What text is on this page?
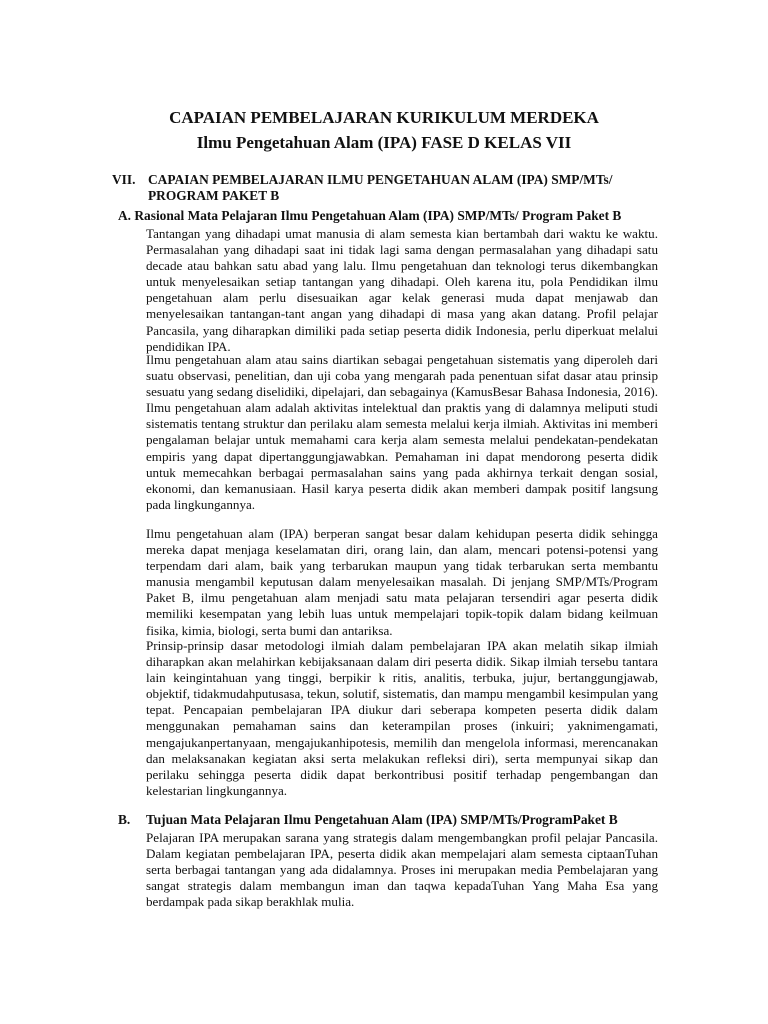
CAPAIAN PEMBELAJARAN KURIKULUM MERDEKA
Ilmu Pengetahuan Alam (IPA) FASE D KELAS VII
VII. CAPAIAN PEMBELAJARAN ILMU PENGETAHUAN ALAM (IPA) SMP/MTs/
PROGRAM PAKET B
A. Rasional Mata Pelajaran Ilmu Pengetahuan Alam (IPA) SMP/MTs/ Program Paket B

Tantangan yang dihadapi umat manusia di alam semesta kian bertambah dari waktu ke waktu. Permasalahan yang dihadapi saat ini tidak lagi sama dengan permasalahan yang dihadapi satu decade atau bahkan satu abad yang lalu. Ilmu pengetahuan dan teknologi terus dikembangkan untuk menyelesaikan setiap tantangan yang dihadapi. Oleh karena itu, pola Pendidikan ilmu pengetahuan alam perlu disesuaikan agar kelak generasi muda dapat menjawab dan menyelesaikan tantangan-tant angan yang dihadapi di masa yang akan datang. Profil pelajar Pancasila, yang diharapkan dimiliki pada setiap peserta didik Indonesia, perlu diperkuat melalui pendidikan IPA.

Ilmu pengetahuan alam atau sains diartikan sebagai pengetahuan sistematis yang diperoleh dari suatu observasi, penelitian, dan uji coba yang mengarah pada penentuan sifat dasar atau prinsip sesuatu yang sedang diselidiki, dipelajari, dan sebagainya (KamusBesar Bahasa Indonesia, 2016). Ilmu pengetahuan alam adalah aktivitas intelektual dan praktis yang di dalamnya meliputi studi sistematis tentang struktur dan perilaku alam semesta melalui kerja ilmiah. Aktivitas ini memberi pengalaman belajar untuk memahami cara kerja alam semesta melalui pendekatan-pendekatan empiris yang dapat dipertanggungjawabkan. Pemahaman ini dapat mendorong peserta didik untuk memecahkan berbagai permasalahan sains yang pada akhirnya terkait dengan sosial, ekonomi, dan kemanusiaan. Hasil karya peserta didik akan memberi dampak positif langsung pada lingkungannya.

Ilmu pengetahuan alam (IPA) berperan sangat besar dalam kehidupan peserta didik sehingga mereka dapat menjaga keselamatan diri, orang lain, dan alam, mencari potensi-potensi yang terpendam dari alam, baik yang terbarukan maupun yang tidak terbarukan serta membantu manusia mengambil keputusan dalam menyelesaikan masalah. Di jenjang SMP/MTs/Program Paket B, ilmu pengetahuan alam menjadi satu mata pelajaran tersendiri agar peserta didik memiliki kesempatan yang lebih luas untuk mempelajari topik-topik dalam bidang keilmuan fisika, kimia, biologi, serta bumi dan antariksa.

Prinsip-prinsip dasar metodologi ilmiah dalam pembelajaran IPA akan melatih sikap ilmiah diharapkan akan melahirkan kebijaksanaan dalam diri peserta didik. Sikap ilmiah tersebu tantara lain keingintahuan yang tinggi, berpikir k ritis, analitis, terbuka, jujur, bertanggungjawab, objektif, tidakmudahputusasa, tekun, solutif, sistematis, dan mampu mengambil kesimpulan yang tepat. Pencapaian pembelajaran IPA diukur dari seberapa kompeten peserta didik dalam menggunakan pemahaman sains dan keterampilan proses (inkuiri; yaknimengamati, mengajukanpertanyaan, mengajukanhipotesis, memilih dan mengelola informasi, merencanakan dan melaksanakan kegiatan aksi serta melakukan refleksi diri), serta mempunyai sikap dan perilaku sehingga peserta didik dapat berkontribusi positif terhadap pengembangan dan kelestarian lingkungannya.

B. Tujuan Mata Pelajaran Ilmu Pengetahuan Alam (IPA) SMP/MTs/ProgramPaket B

Pelajaran IPA merupakan sarana yang strategis dalam mengembangkan profil pelajar Pancasila. Dalam kegiatan pembelajaran IPA, peserta didik akan mempelajari alam semesta ciptaanTuhan serta berbagai tantangan yang ada didalamnya. Proses ini merupakan media Pembelajaran yang sangat strategis dalam membangun iman dan taqwa kepadaTuhan Yang Maha Esa yang berdampak pada sikap berakhlak mulia.
